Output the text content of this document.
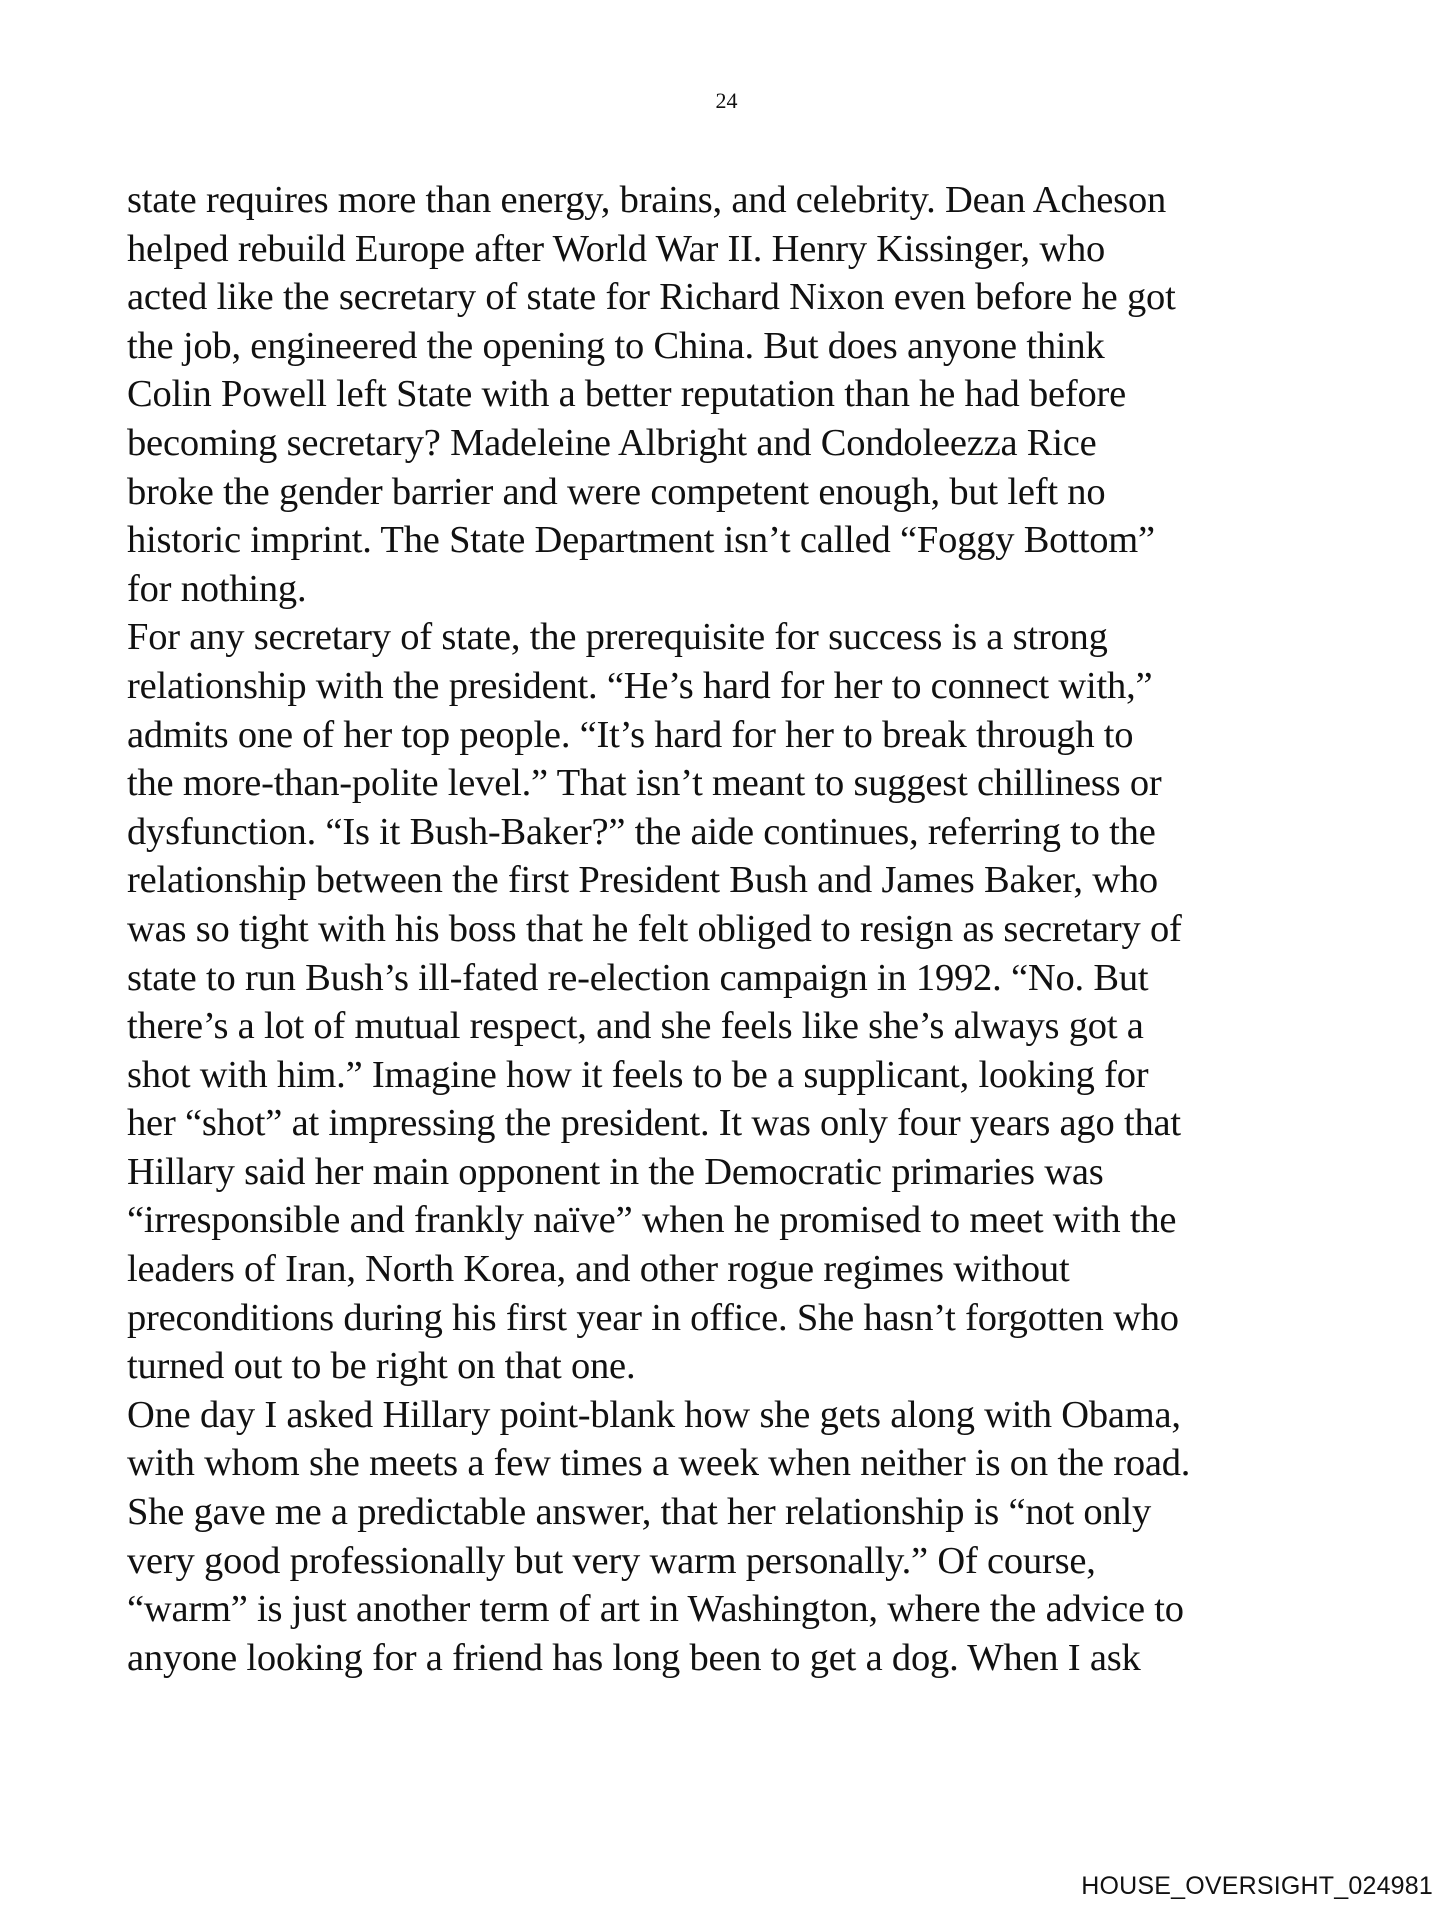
24
state requires more than energy, brains, and celebrity. Dean Acheson
helped rebuild Europe after World War II. Henry Kissinger, who
acted like the secretary of state for Richard Nixon even before he got
the job, engineered the opening to China. But does anyone think
Colin Powell left State with a better reputation than he had before
becoming secretary? Madeleine Albright and Condoleezza Rice
broke the gender barrier and were competent enough, but left no
historic imprint. The State Department isn’t called “Foggy Bottom”
for nothing.
For any secretary of state, the prerequisite for success is a strong
relationship with the president. “He’s hard for her to connect with,”
admits one of her top people. “It’s hard for her to break through to
the more-than-polite level.” That isn’t meant to suggest chilliness or
dysfunction. “Is it Bush-Baker?” the aide continues, referring to the
relationship between the first President Bush and James Baker, who
was so tight with his boss that he felt obliged to resign as secretary of
state to run Bush’s ill-fated re-election campaign in 1992. “No. But
there’s a lot of mutual respect, and she feels like she’s always got a
shot with him.” Imagine how it feels to be a supplicant, looking for
her “shot” at impressing the president. It was only four years ago that
Hillary said her main opponent in the Democratic primaries was
“irresponsible and frankly naïve” when he promised to meet with the
leaders of Iran, North Korea, and other rogue regimes without
preconditions during his first year in office. She hasn’t forgotten who
turned out to be right on that one.
One day I asked Hillary point-blank how she gets along with Obama,
with whom she meets a few times a week when neither is on the road.
She gave me a predictable answer, that her relationship is “not only
very good professionally but very warm personally.” Of course,
“warm” is just another term of art in Washington, where the advice to
anyone looking for a friend has long been to get a dog. When I ask
HOUSE_OVERSIGHT_024981
